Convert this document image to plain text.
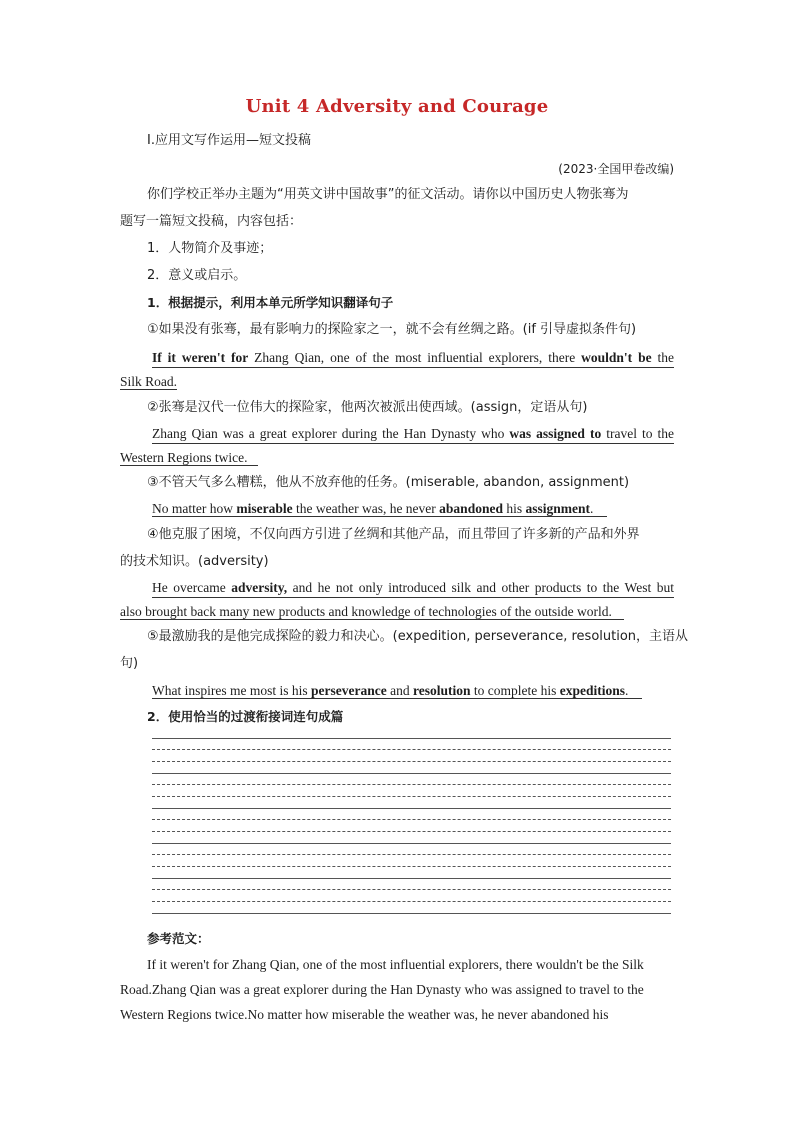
Unit 4 Adversity and Courage
Ⅰ.应用文写作运用—短文投稿
(2023·全国甲卷改编)
你们学校正举办主题为“用英文讲中国故事”的征文活动。请你以中国历史人物张骞为
题写一篇短文投稿，内容包括：
1．人物简介及事迹；
2．意义或启示。
1．根据提示，利用本单元所学知识翻译句子
①如果没有张骞，最有影响力的探险家之一，就不会有丝绸之路。(if 引导虚拟条件句)
If it weren't for Zhang Qian, one of the most influential explorers, there wouldn't be the
Silk Road.
②张骞是汉代一位伟大的探险家，他两次被派出使西域。(assign，定语从句)
Zhang Qian was a great explorer during the Han Dynasty who was assigned to travel to the
Western Regions twice.
③不管天气多么糟糕，他从不放弃他的任务。(miserable, abandon, assignment)
No matter how miserable the weather was, he never abandoned his assignment.
④他克服了困境，不仅向西方引进了丝绸和其他产品，而且带回了许多新的产品和外界
的技术知识。(adversity)
He overcame adversity, and he not only introduced silk and other products to the West but
also brought back many new products and knowledge of technologies of the outside world.
⑤最激励我的是他完成探险的毅力和决心。(expedition, perseverance, resolution，主语从
句)
What inspires me most is his perseverance and resolution to complete his expeditions.
2．使用恰当的过渡衔接词连句成篇
参考范文：
If it weren't for Zhang Qian, one of the most influential explorers, there wouldn't be the Silk
Road.Zhang Qian was a great explorer during the Han Dynasty who was assigned to travel to the
Western Regions twice.No matter how miserable the weather was, he never abandoned his
